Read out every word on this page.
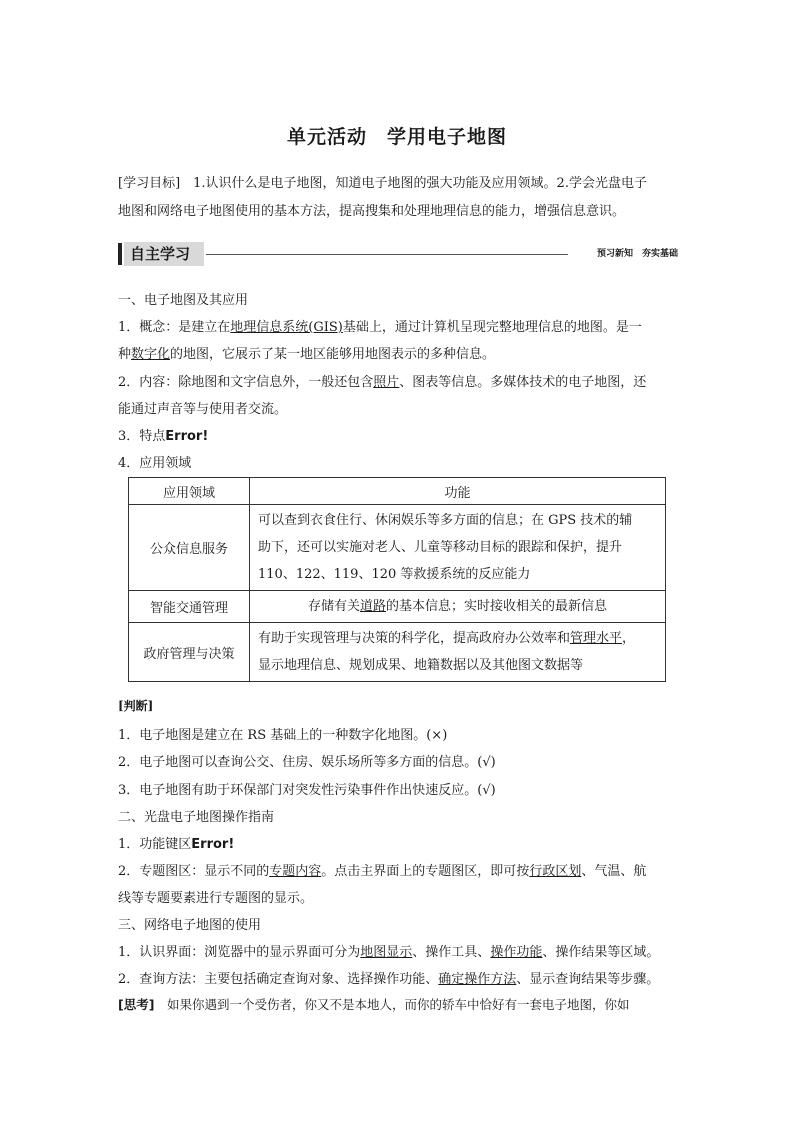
单元活动　学用电子地图
[学习目标]　1.认识什么是电子地图，知道电子地图的强大功能及应用领域。2.学会光盘电子
地图和网络电子地图使用的基本方法，提高搜集和处理地理信息的能力，增强信息意识。
自主学习	预习新知　夯实基础
一、电子地图及其应用
1．概念：是建立在地理信息系统(GIS)基础上，通过计算机呈现完整地理信息的地图。是一
种数字化的地图，它展示了某一地区能够用地图表示的多种信息。
2．内容：除地图和文字信息外，一般还包含照片、图表等信息。多媒体技术的电子地图，还
能通过声音等与使用者交流。
3．特点Error!
4．应用领域
应用领域	功能
公众信息服务	可以查到衣食住行、休闲娱乐等多方面的信息；在 GPS 技术的辅
助下，还可以实施对老人、儿童等移动目标的跟踪和保护，提升
110、122、119、120 等救援系统的反应能力

智能交通管理	存储有关道路的基本信息；实时接收相关的最新信息
政府管理与决策	有助于实现管理与决策的科学化，提高政府办公效率和管理水平，
显示地理信息、规划成果、地籍数据以及其他图文数据等
[判断]
1．电子地图是建立在 RS 基础上的一种数字化地图。(×)
2．电子地图可以查询公交、住房、娱乐场所等多方面的信息。(√)
3．电子地图有助于环保部门对突发性污染事件作出快速反应。(√)
二、光盘电子地图操作指南
1．功能键区Error!
2．专题图区：显示不同的专题内容。点击主界面上的专题图区，即可按行政区划、气温、航
线等专题要素进行专题图的显示。
三、网络电子地图的使用
1．认识界面：浏览器中的显示界面可分为地图显示、操作工具、操作功能、操作结果等区域。
2．查询方法：主要包括确定查询对象、选择操作功能、确定操作方法、显示查询结果等步骤。
[思考]　如果你遇到一个受伤者，你又不是本地人，而你的轿车中恰好有一套电子地图，你如
